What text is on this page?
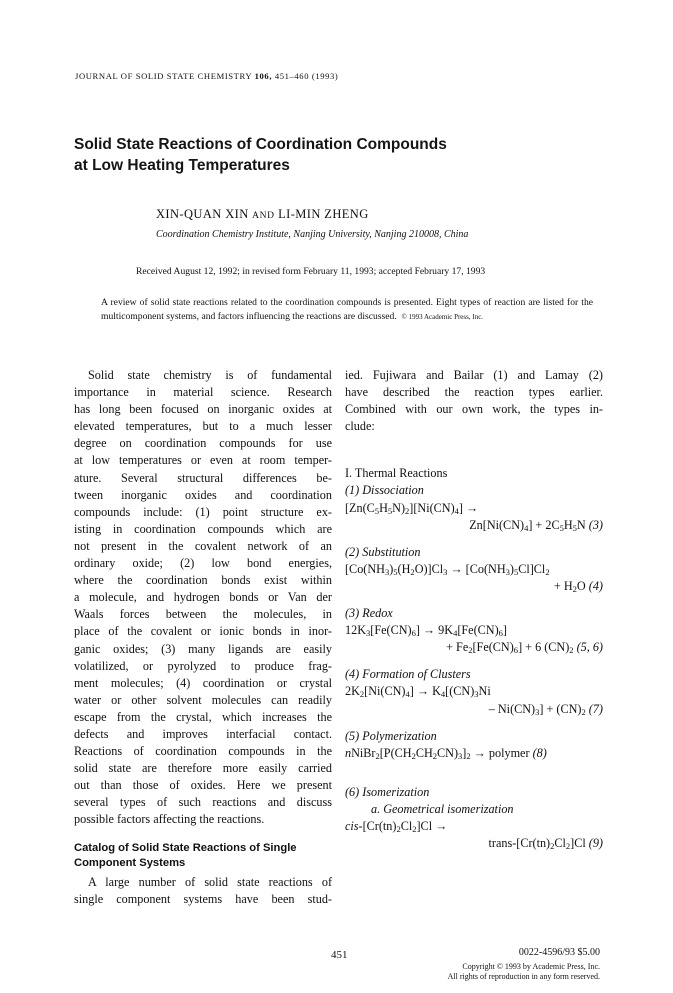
JOURNAL OF SOLID STATE CHEMISTRY 106, 451–460 (1993)
Solid State Reactions of Coordination Compounds
at Low Heating Temperatures
XIN-QUAN XIN AND LI-MIN ZHENG
Coordination Chemistry Institute, Nanjing University, Nanjing 210008, China
Received August 12, 1992; in revised form February 11, 1993; accepted February 17, 1993
A review of solid state reactions related to the coordination compounds is presented. Eight types of reaction are listed for the multicomponent systems, and factors influencing the reactions are discussed. © 1993 Academic Press, Inc.
Solid state chemistry is of fundamental
importance in material science. Research
has long been focused on inorganic oxides at
elevated temperatures, but to a much lesser
degree on coordination compounds for use
at low temperatures or even at room temper-
ature. Several structural differences be-
tween inorganic oxides and coordination
compounds include: (1) point structure ex-
isting in coordination compounds which are
not present in the covalent network of an
ordinary oxide; (2) low bond energies,
where the coordination bonds exist within
a molecule, and hydrogen bonds or Van der
Waals forces between the molecules, in
place of the covalent or ionic bonds in inor-
ganic oxides; (3) many ligands are easily
volatilized, or pyrolyzed to produce frag-
ment molecules; (4) coordination or crystal
water or other solvent molecules can readily
escape from the crystal, which increases the
defects and improves interfacial contact.
Reactions of coordination compounds in the
solid state are therefore more easily carried
out than those of oxides. Here we present
several types of such reactions and discuss
possible factors affecting the reactions.
Catalog of Solid State Reactions of Single
Component Systems
A large number of solid state reactions of
single component systems have been stud-
ied. Fujiwara and Bailar (1) and Lamay (2)
have described the reaction types earlier.
Combined with our own work, the types in-
clude:
I. Thermal Reactions
(1) Dissociation
$[Zn(C_5H_5N)_2][Ni(CN)_4]$ →
$Zn[Ni(CN)_4] + 2C_5H_5N$ (3)
(2) Substitution
$[Co(NH_3)_5(H_2O)]Cl_3 \to [Co(NH_3)_5Cl]Cl_2$
+ $H_2O$ (4)
(3) Redox
$12K_3[Fe(CN)_6] \to 9K_4[Fe(CN)_6]$
+ $Fe_2[Fe(CN)_6] + 6$ $(CN)_2$ (5, 6)
(4) Formation of Clusters
$2K_2[Ni(CN)_4] \to K_4[(CN)_3Ni$
– $Ni(CN)_3] + (CN)_2$ (7)
(5) Polymerization
$nNiBr_2[P(CH_2CH_2CN)_3]_2$ → polymer (8)
(6) Isomerization
a. Geometrical isomerization
cis-$[Cr(tn)_2Cl_2]Cl$ →
trans-$[Cr(tn)_2Cl_2]Cl$ (9)
451	0022-4596/93 $5.00
Copyright © 1993 by Academic Press, Inc.
All rights of reproduction in any form reserved.
